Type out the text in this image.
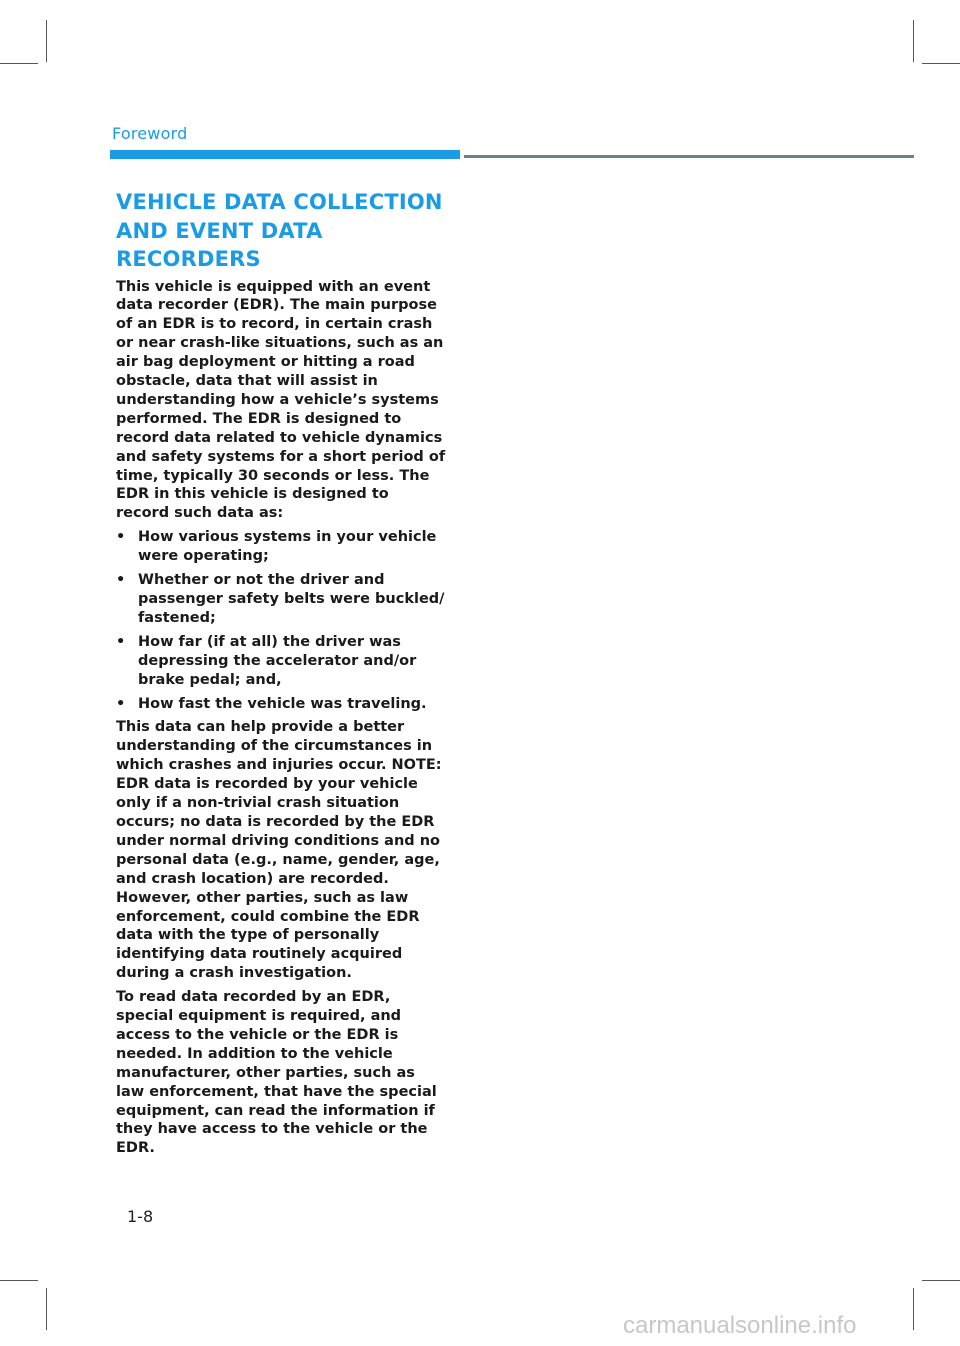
Foreword
VEHICLE DATA COLLECTION AND EVENT DATA RECORDERS

This vehicle is equipped with an event data recorder (EDR). The main purpose of an EDR is to record, in certain crash or near crash-like situations, such as an air bag deployment or hitting a road obstacle, data that will assist in understanding how a vehicle’s systems performed. The EDR is designed to record data related to vehicle dynamics and safety systems for a short period of time, typically 30 seconds or less. The EDR in this vehicle is designed to record such data as:

• How various systems in your vehicle were operating;
• Whether or not the driver and passenger safety belts were buckled/ fastened;
• How far (if at all) the driver was depressing the accelerator and/or brake pedal; and,
• How fast the vehicle was traveling.

This data can help provide a better understanding of the circumstances in which crashes and injuries occur. NOTE: EDR data is recorded by your vehicle only if a non-trivial crash situation occurs; no data is recorded by the EDR under normal driving conditions and no personal data (e.g., name, gender, age, and crash location) are recorded. However, other parties, such as law enforcement, could combine the EDR data with the type of personally identifying data routinely acquired during a crash investigation.

To read data recorded by an EDR, special equipment is required, and access to the vehicle or the EDR is needed. In addition to the vehicle manufacturer, other parties, such as law enforcement, that have the special equipment, can read the information if they have access to the vehicle or the EDR.

1-8
carmanualsonline.info
